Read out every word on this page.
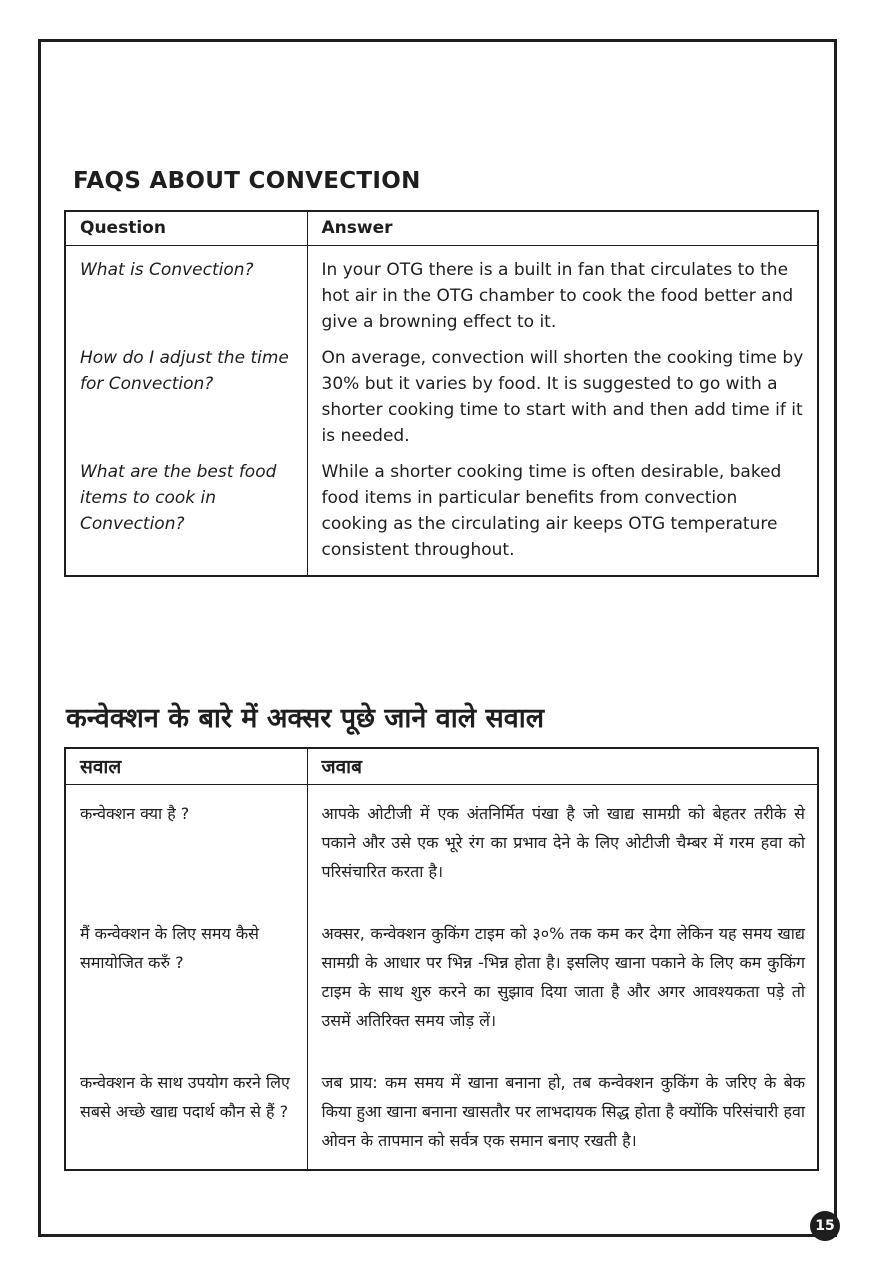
FAQS ABOUT CONVECTION
Question	Answer
What is Convection?	In your OTG there is a built in fan that circulates to the hot air in the OTG chamber to cook the food better and give a browning effect to it.
How do I adjust the time for Convection?	On average, convection will shorten the cooking time by 30% but it varies by food. It is suggested to go with a shorter cooking time to start with and then add time if it is needed.
What are the best food items to cook in Convection?	While a shorter cooking time is often desirable, baked food items in particular benefits from convection cooking as the circulating air keeps OTG temperature consistent throughout.
कन्वेक्शन के बारे में अक्सर पूछे जाने वाले सवाल
सवाल	जवाब
कन्वेक्शन क्या है ?	आपके ओटीजी में एक अंतनिर्मित पंखा है जो खाद्य सामग्री को बेहतर तरीके से पकाने और उसे एक भूरे रंग का प्रभाव देने के लिए ओटीजी चैम्बर में गरम हवा को परिसंचारित करता है।
मैं कन्वेक्शन के लिए समय कैसे समायोजित करुँ ?	अक्सर, कन्वेक्शन कुकिंग टाइम को ३०% तक कम कर देगा लेकिन यह समय खाद्य सामग्री के आधार पर भिन्न -भिन्न होता है। इसलिए खाना पकाने के लिए कम कुकिंग टाइम के साथ शुरु करने का सुझाव दिया जाता है और अगर आवश्यकता पड़े तो उसमें अतिरिक्त समय जोड़ लें।
कन्वेक्शन के साथ उपयोग करने लिए सबसे अच्छे खाद्य पदार्थ कौन से हैं ?	जब प्राय: कम समय में खाना बनाना हो, तब कन्वेक्शन कुकिंग के जरिए के बेक किया हुआ खाना बनाना खासतौर पर लाभदायक सिद्ध होता है क्योंकि परिसंचारी हवा ओवन के तापमान को सर्वत्र एक समान बनाए रखती है।
15
